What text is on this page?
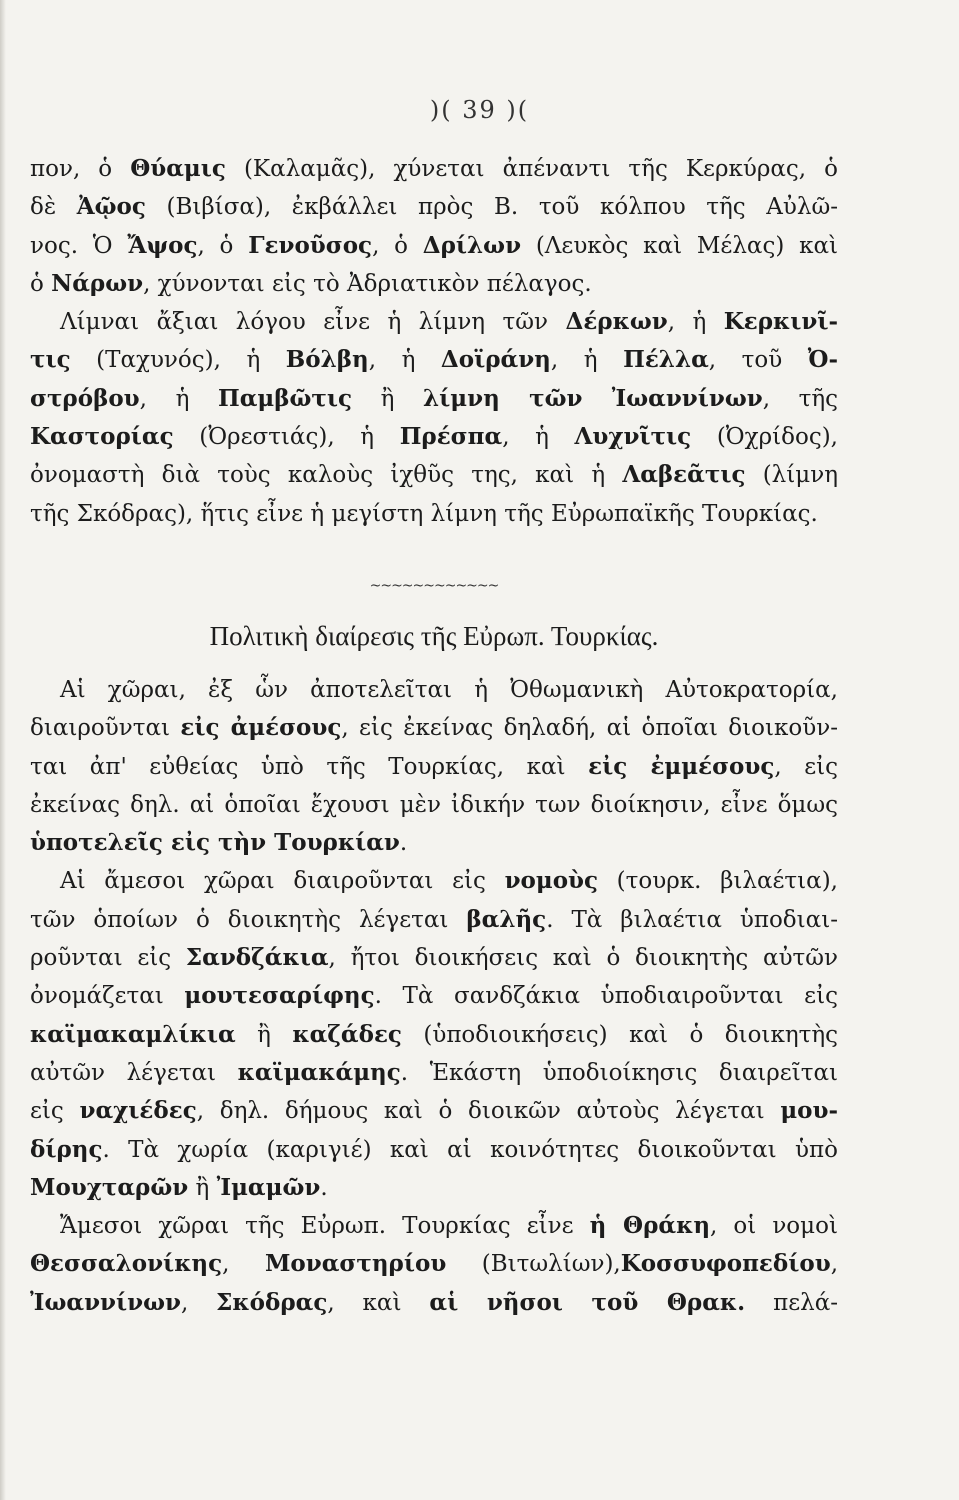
)( 39 )(
πον, ὁ Θύαμις (Καλαμᾶς), χύνεται ἀπέναντι τῆς Κερκύρας, ὁ
δὲ Ἀῷος (Βιβίσα), ἐκβάλλει πρὸς Β. τοῦ κόλπου τῆς Αὐλῶ-
νος. Ὁ Ἄψος, ὁ Γενοῦσος, ὁ Δρίλων (Λευκὸς καὶ Μέλας) καὶ
ὁ Νάρων, χύνονται εἰς τὸ Ἀδριατικὸν πέλαγος.
Λίμναι ἄξιαι λόγου εἶνε ἡ λίμνη τῶν Δέρκων, ἡ Κερκινῖ-
τις (Ταχυνός), ἡ Βόλβη, ἡ Δοϊράνη, ἡ Πέλλα, τοῦ Ὀ-
στρόβου, ἡ Παμβῶτις ἢ λίμνη τῶν Ἰωαννίνων, τῆς
Καστορίας (Ὀρεστιάς), ἡ Πρέσπα, ἡ Λυχνῖτις (Ὀχρίδος),
ὀνομαστὴ διὰ τοὺς καλοὺς ἰχθῦς της, καὶ ἡ Λαβεᾶτις (λίμνη
τῆς Σκόδρας), ἥτις εἶνε ἡ μεγίστη λίμνη τῆς Εὐρωπαϊκῆς Τουρκίας.
~~~~~~~~~~~~
Πολιτικὴ διαίρεσις τῆς Εὐρωπ. Τουρκίας.
Αἱ χῶραι, ἐξ ὧν ἀποτελεῖται ἡ Ὀθωμανικὴ Αὐτοκρατορία,
διαιροῦνται εἰς ἀμέσους, εἰς ἐκείνας δηλαδή, αἱ ὁποῖαι διοικοῦν-
ται ἀπ' εὐθείας ὑπὸ τῆς Τουρκίας, καὶ εἰς ἐμμέσους, εἰς
ἐκείνας δηλ. αἱ ὁποῖαι ἔχουσι μὲν ἰδικήν των διοίκησιν, εἶνε ὅμως
ὑποτελεῖς εἰς τὴν Τουρκίαν.
Αἱ ἄμεσοι χῶραι διαιροῦνται εἰς νομοὺς (τουρκ. βιλαέτια),
τῶν ὁποίων ὁ διοικητὴς λέγεται βαλῆς. Τὰ βιλαέτια ὑποδιαι-
ροῦνται εἰς Σανδζάκια, ἤτοι διοικήσεις καὶ ὁ διοικητὴς αὐτῶν
ὀνομάζεται μουτεσαρίφης. Τὰ σανδζάκια ὑποδιαιροῦνται εἰς
καϊμακαμλίκια ἢ καζάδες (ὑποδιοικήσεις) καὶ ὁ διοικητὴς
αὐτῶν λέγεται καϊμακάμης. Ἑκάστη ὑποδιοίκησις διαιρεῖται
εἰς ναχιέδες, δηλ. δήμους καὶ ὁ διοικῶν αὐτοὺς λέγεται μου-
δίρης. Τὰ χωρία (καριγιέ) καὶ αἱ κοινότητες διοικοῦνται ὑπὸ
Μουχταρῶν ἢ Ἰμαμῶν.
Ἄμεσοι χῶραι τῆς Εὐρωπ. Τουρκίας εἶνε ἡ Θράκη, οἱ νομοὶ
Θεσσαλονίκης, Μοναστηρίου (Βιτωλίων),Κοσσυφοπεδίου,
Ἰωαννίνων, Σκόδρας, καὶ αἱ νῆσοι τοῦ Θρακ. πελά-
